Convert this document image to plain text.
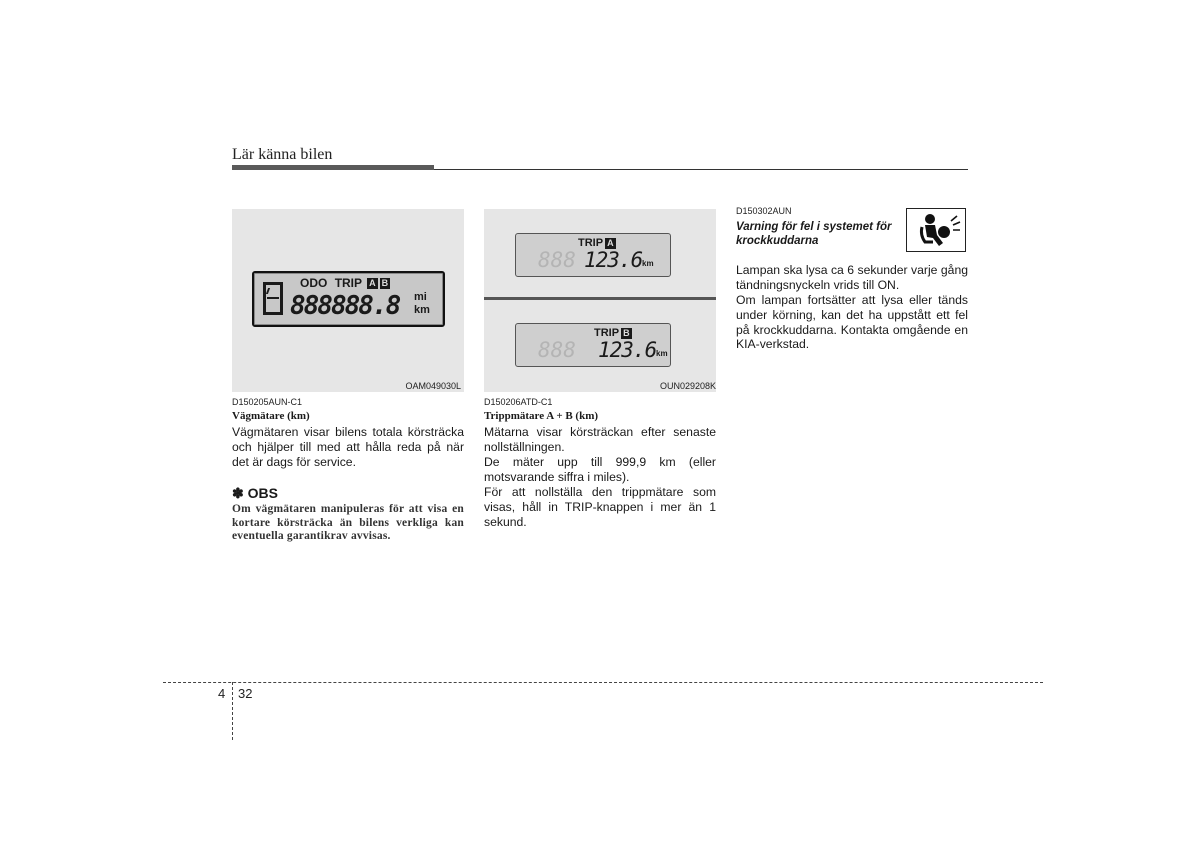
Lär känna bilen
ODO TRIP A B
888888.8 mi
km
OAM049030L
D150205AUN-C1
Vägmätare (km)
Vägmätaren visar bilens totala körsträcka och hjälper till med att hålla reda på när det är dags för service.
✽ OBS
Om vägmätaren manipuleras för att visa en kortare körsträcka än bilens verkliga kan eventuella garantikrav avvisas.
TRIP A
888 123.6 km
TRIP B
888 123.6 km
OUN029208K
D150206ATD-C1
Trippmätare A + B (km)
Mätarna visar körsträckan efter senaste nollställningen.
De mäter upp till 999,9 km (eller motsvarande siffra i miles).
För att nollställa den trippmätare som visas, håll in TRIP-knappen i mer än 1 sekund.
D150302AUN
Varning för fel i systemet för krockkuddarna
Lampan ska lysa ca 6 sekunder varje gång tändningsnyckeln vrids till ON.
Om lampan fortsätter att lysa eller tänds under körning, kan det ha uppstått ett fel på krockkuddarna. Kontakta omgående en KIA-verkstad.
4 32
